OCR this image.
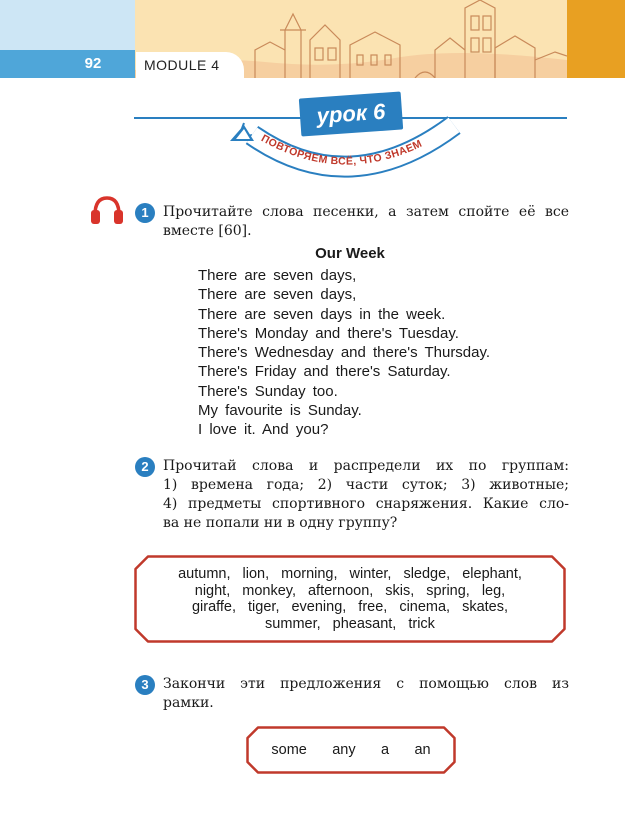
92	MODULE 4
ПОВТОРЯЕМ ВСЁ, ЧТО ЗНАЕМ
урок 6
1	Прочитайте слова песенки, а затем спойте её все
вместе [60].
Our Week
There are seven days,
There are seven days,
There are seven days in the week.
There's Monday and there's Tuesday.
There's Wednesday and there's Thursday.
There's Friday and there's Saturday.
There's Sunday too.
My favourite is Sunday.
I love it. And you?
2	Прочитай слова и распредели их по группам:
1) времена года; 2) части суток; 3) животные;
4) предметы спортивного снаряжения. Какие сло-
ва не попали ни в одну группу?
autumn, lion, morning, winter, sledge, elephant,
night, monkey, afternoon, skis, spring, leg,
giraffe, tiger, evening, free, cinema, skates,
summer, pheasant, trick
3	Закончи эти предложения с помощью слов из
рамки.
some any a an
